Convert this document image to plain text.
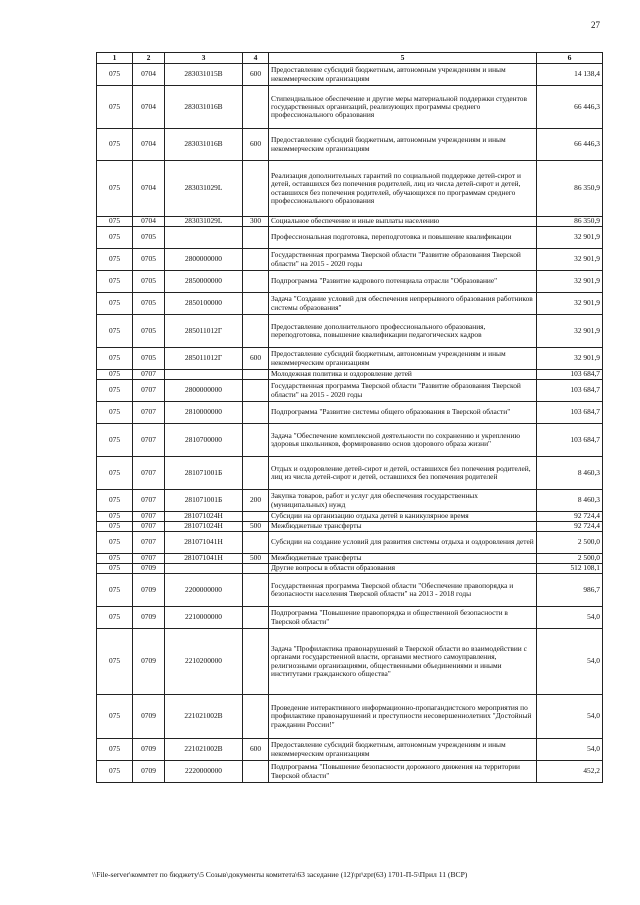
27
1	2	3	4	5	6
075	0704	283031015В	600	Предоставление субсидий бюджетным, автономным учреждениям и иным некоммерческим организациям	14 138,4
075	0704	283031016В		Стипендиальное обеспечение и другие меры материальной поддержки студентов государственных организаций, реализующих программы среднего профессионального образования	66 446,3
075	0704	283031016В	600	Предоставление субсидий бюджетным, автономным учреждениям и иным некоммерческим организациям	66 446,3
075	0704	283031029L		Реализация дополнительных гарантий по социальной поддержке детей-сирот и детей, оставшихся без попечения родителей, лиц из числа детей-сирот и детей, оставшихся без попечения родителей, обучающихся по программам среднего профессионального образования	86 350,9
075	0704	283031029L	300	Социальное обеспечение и иные выплаты населению	86 350,9
075	0705			Профессиональная подготовка, переподготовка и повышение квалификации	32 901,9
075	0705	2800000000		Государственная программа Тверской области "Развитие образования Тверской области" на 2015 - 2020 годы	32 901,9
075	0705	2850000000		Подпрограмма "Развитие кадрового потенциала отрасли "Образование"	32 901,9
075	0705	2850100000		Задача "Создание условий для обеспечения непрерывного образования работников системы образования"	32 901,9
075	0705	285011012Г		Предоставление дополнительного профессионального образования, переподготовка, повышение квалификации педагогических кадров	32 901,9
075	0705	285011012Г	600	Предоставление субсидий бюджетным, автономным учреждениям и иным некоммерческим организациям	32 901,9
075	0707			Молодежная политика и оздоровление детей	103 684,7
075	0707	2800000000		Государственная программа Тверской области "Развитие образования Тверской области" на 2015 - 2020 годы	103 684,7
075	0707	2810000000		Подпрограмма "Развитие системы общего образования в Тверской области"	103 684,7
075	0707	2810700000		Задача "Обеспечение комплексной деятельности по сохранению и укреплению здоровья школьников, формированию основ здорового образа жизни"	103 684,7
075	0707	281071001Б		Отдых и оздоровление детей-сирот и детей, оставшихся без попечения родителей, лиц из числа детей-сирот и детей, оставшихся без попечения родителей	8 460,3
075	0707	281071001Б	200	Закупка товаров, работ и услуг для обеспечения государственных (муниципальных) нужд	8 460,3
075	0707	281071024Н		Субсидии на организацию отдыха детей в каникулярное время	92 724,4
075	0707	281071024Н	500	Межбюджетные трансферты	92 724,4
075	0707	281071041Н		Субсидии на создание условий для развития системы отдыха и оздоровления детей	2 500,0
075	0707	281071041Н	500	Межбюджетные трансферты	2 500,0
075	0709			Другие вопросы в области образования	512 108,1
075	0709	2200000000		Государственная программа Тверской области "Обеспечение правопорядка и безопасности населения Тверской области" на 2013 - 2018 годы	986,7
075	0709	2210000000		Подпрограмма "Повышение правопорядка и общественной безопасности в Тверской области"	54,0
075	0709	2210200000		Задача "Профилактика правонарушений в Тверской области во взаимодействии с органами государственной власти, органами местного самоуправления, религиозными организациями, общественными объединениями и иными институтами гражданского общества"	54,0
075	0709	221021002В		Проведение интерактивного информационно-пропагандистского мероприятия по профилактике правонарушений и преступности несовершеннолетних "Достойный гражданин России!"	54,0
075	0709	221021002В	600	Предоставление субсидий бюджетным, автономным учреждениям и иным некоммерческим организациям	54,0
075	0709	2220000000		Подпрограмма "Повышение безопасности дорожного движения на территории Тверской области"	452,2
\\File-server\коммтет по бюджету\5 Созыв\документы комитета\63 заседание (12)\pr\zpr(63) 1701-П-5\Прил 11 (ВСР)
